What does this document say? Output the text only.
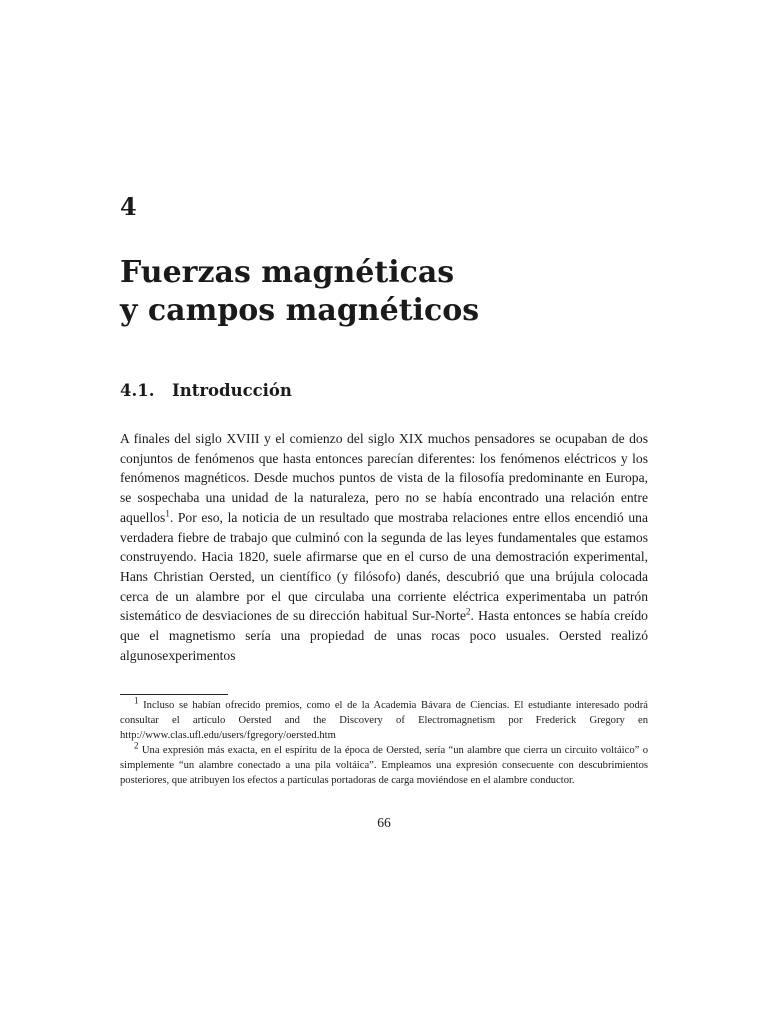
4
Fuerzas magnéticas
y campos magnéticos
4.1. Introducción

A finales del siglo XVIII y el comienzo del siglo XIX muchos pensadores se ocupaban de dos conjuntos de fenómenos que hasta entonces parecían diferentes: los fenómenos eléctricos y los fenómenos magnéticos. Desde muchos puntos de vista de la filosofía predominante en Europa, se sospechaba una unidad de la naturaleza, pero no se había encontrado una relación entre aquellos$^1$. Por eso, la noticia de un resultado que mostraba relaciones entre ellos encendió una verdadera fiebre de trabajo que culminó con la segunda de las leyes fundamentales que estamos construyendo. Hacia 1820, suele afirmarse que en el curso de una demostración experimental, Hans Christian Oersted, un científico (y filósofo) danés, descubrió que una brújula colocada cerca de un alambre por el que circulaba una corriente eléctrica experimentaba un patrón sistemático de desviaciones de su dirección habitual Sur-Norte$^2$. Hasta entonces se había creído que el magnetismo sería una propiedad de unas rocas poco usuales. Oersted realizó algunosexperimentos

$^1$ Incluso se habían ofrecido premios, como el de la Academia Bávara de Ciencias. El estudiante interesado podrá consultar el artículo Oersted and the Discovery of Electromagnetism por Frederick Gregory en http://www.clas.ufl.edu/users/fgregory/oersted.htm

$^2$ Una expresión más exacta, en el espíritu de la época de Oersted, sería “un alambre que cierra un circuito voltáico” o simplemente “un alambre conectado a una pila voltáica”. Empleamos una expresión consecuente con descubrimientos posteriores, que atribuyen los efectos a partículas portadoras de carga moviéndose en el alambre conductor.

66
